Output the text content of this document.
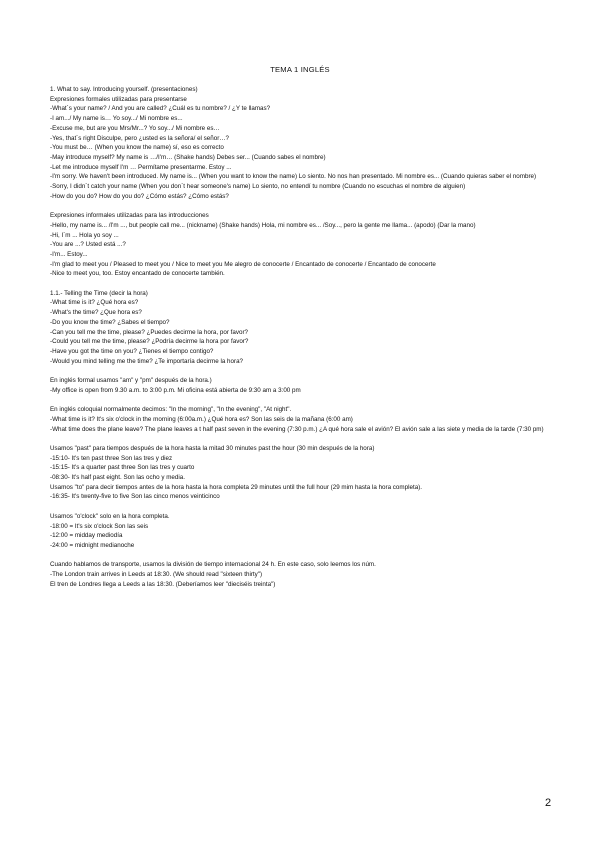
TEMA 1 INGLÉS

1. What to say. Introducing yourself. (presentaciones)

Expresiones formales utilizadas para presentarse

-What´s your name? / And you are called? ¿Cuál es tu nombre? / ¿Y te llamas?

-I am.../ My name is… Yo soy.../ Mi nombre es...

-Excuse me, but are you Mrs/Mr...? Yo soy.../ Mi nombre es…

-Yes, that´s right Disculpe, pero ¿usted es la señora/ el señor…?

-You must be… (When you know the name) sí, eso es correcto

-May introduce myself? My name is …/I'm… (Shake hands) Debes ser... (Cuando sabes el nombre)

-Let me introduce myself I'm … Permítame presentarme. Estoy ...

-I'm sorry. We haven't been introduced. My name is... (When you want to know the name) Lo siento. No nos han presentado. Mi nombre es... (Cuando quieras saber el nombre)

-Sorry, I didn´t catch your name (When you don´t hear someone's name) Lo siento, no entendí tu nombre (Cuando no escuchas el nombre de alguien)

-How do you do? How do you do? ¿Cómo estás? ¿Cómo estás?

Expresiones informales utilizadas para las introducciones

-Hello, my name is... /I'm ..., but people call me... (nickname) (Shake hands) Hola, mi nombre es... /Soy..., pero la gente me llama... (apodo) (Dar la mano)

-Hi, I´m ... Hola yo soy ...

-You are ...? Usted está ...?

-I'm... Estoy...

-I'm glad to meet you / Pleased to meet you / Nice to meet you Me alegro de conocerte / Encantado de conocerte / Encantado de conocerte

-Nice to meet you, too. Estoy encantado de conocerte también.

1.1.- Telling the Time (decir la hora)

-What time is it? ¿Qué hora es?

-What's the time? ¿Que hora es?

-Do you know the time? ¿Sabes el tiempo?

-Can you tell me the time, please? ¿Puedes decirme la hora, por favor?

-Could you tell me the time, please? ¿Podría decirme la hora por favor?

-Have you got the time on you? ¿Tienes el tiempo contigo?

-Would you mind telling me the time? ¿Te importaría decirme la hora?

En inglés formal usamos "am" y "pm" después de la hora.)

-My office is open from 9.30 a.m. to 3:00 p.m. Mi oficina está abierta de 9:30 am a 3:00 pm

En inglés coloquial normalmente decimos: "In the morning", "In the evening", "At night".

-What time is it? It's six o'clock in the morning (6:00a.m.) ¿Qué hora es? Son las seis de la mañana (6:00 am)

-What time does the plane leave? The plane leaves a t half past seven in the evening (7:30 p.m.) ¿A qué hora sale el avión? El avión sale a las siete y media de la tarde (7:30 pm)

Usamos "past" para tiempos después de la hora hasta la mitad 30 minutes past the hour (30 min después de la hora)

-15:10- It's ten past three Son las tres y diez

-15:15- It's a quarter past three Son las tres y cuarto

-08:30- It's half past eight. Son las ocho y media.

Usamos "to" para decir tiempos antes de la hora hasta la hora completa 29 minutes until the full hour (29 mim hasta la hora completa).

-16:35- It's twenty-five to five Son las cinco menos veinticinco

Usamos "o'clock" solo en la hora completa.

-18:00 = It's six o'clock Son las seis

-12:00 = midday mediodía

-24:00 = midnight medianoche

Cuando hablamos de transporte, usamos la división de tiempo internacional 24 h. En este caso, solo leemos los núm.

-The London train arrives in Leeds at 18:30. (We should read "sixteen thirty")

El tren de Londres llega a Leeds a las 18:30. (Deberíamos leer "dieciséis treinta")

2
